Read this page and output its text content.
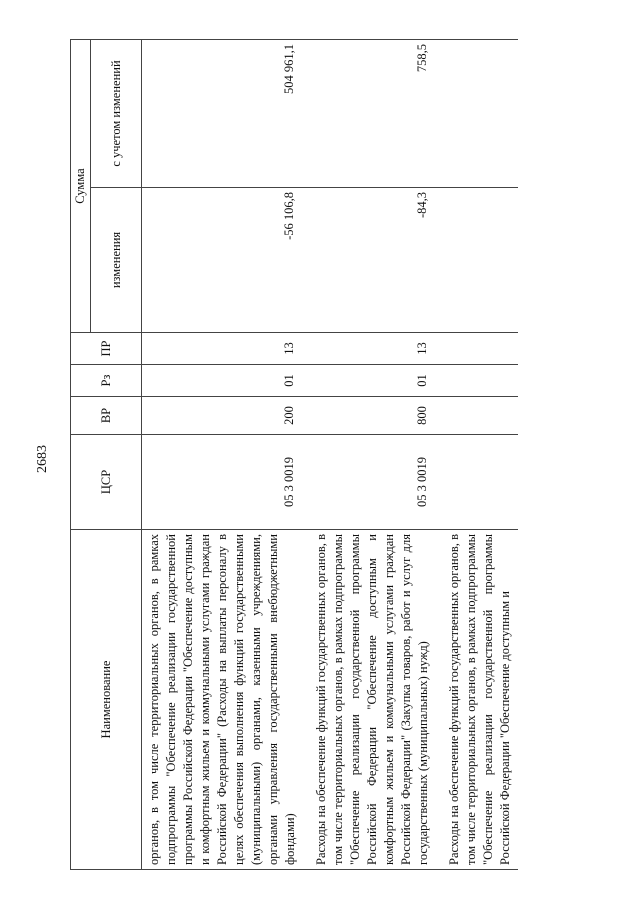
2683
Наименование	ЦСР	ВР	Рз	ПР	Сумма	
					изменения	с учетом изменений
органов, в том числе территориальных органов, в рамках подпрограммы "Обеспечение реализации государственной программы Российской Федерации "Обеспечение доступным и комфортным жильем и коммунальными услугами граждан Российской Федерации" (Расходы на выплаты персоналу в целях обеспечения выполнения функций государственными (муниципальными) органами, казенными учреждениями, органами управления государственными внебюджетными фондами)	05 3 0019	200	01	13	-56 106,8	504 961,1
Расходы на обеспечение функций государственных органов, в том числе территориальных органов, в рамках подпрограммы "Обеспечение реализации государственной программы Российской Федерации "Обеспечение доступным и комфортным жильем и коммунальными услугами граждан Российской Федерации" (Закупка товаров, работ и услуг для государственных (муниципальных) нужд)	05 3 0019	800	01	13	-84,3	758,5
Расходы на обеспечение функций государственных органов, в том числе территориальных органов, в рамках подпрограммы "Обеспечение реализации государственной программы Российской Федерации "Обеспечение доступным и						
